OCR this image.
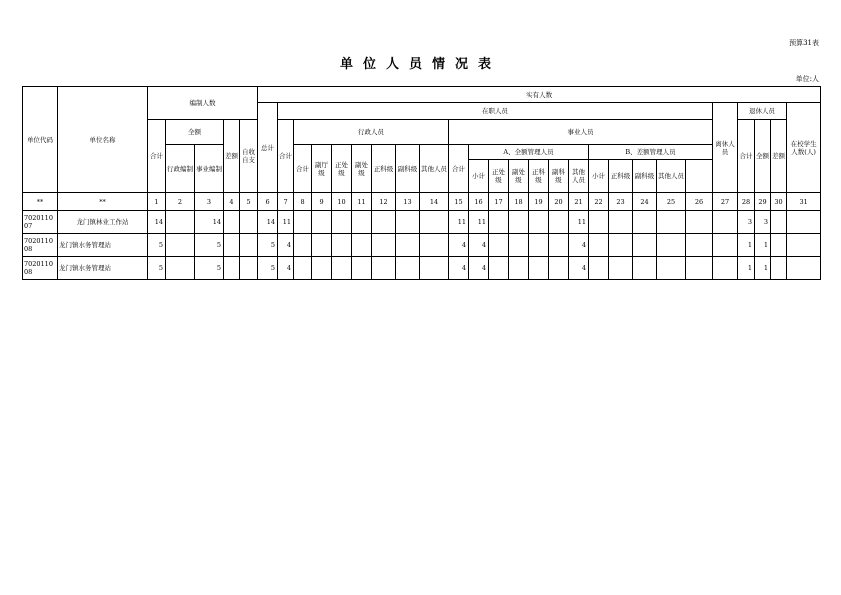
预算31表
单位人员情况表
单位:人
单位代码	单位名称	编制人数					实有人数																										
							总计	在职人员																				离休人员	退休人员			在校学生人数(人)	
		合计	全额		差额	自收自支		合计	行政人员							事业人员													合计	全额	差额		
			行政编制	事业编制					合计	副厅级	正处级	副处级	正科级	副科级	其他人员	合计	A、全额管理人员						B、差额管理人员	
																	小计	正处级	副处级	正科级	副科级	其他人员	小计	正科级	副科级	其他人员							
**	**	1	2	3	4	5	6	7	8	9	10	11	12	13	14	15	16	17	18	19	20	21	22	23	24	25	26	27	28	29	30	31	
702011007	龙门镇林业工作站	14		14			14	11								11	11					11							3	3			
702011008	龙门镇水务管理站	5		5			5	4								4	4					4							1	1			
702011008	龙门镇水务管理站	5		5			5	4								4	4					4							1	1			
